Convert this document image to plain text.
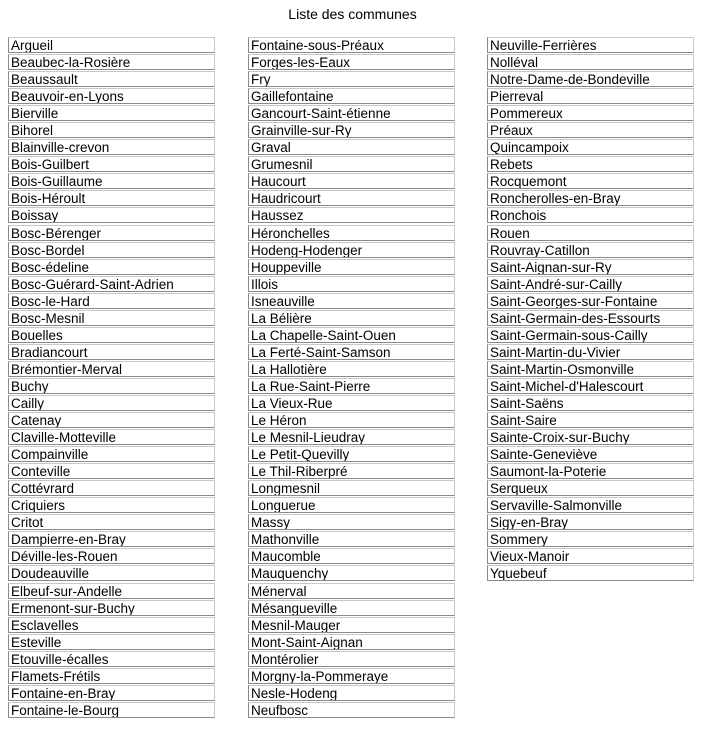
Liste des communes
Argueil
Beaubec-la-Rosière
Beaussault
Beauvoir-en-Lyons
Bierville
Bihorel
Blainville-crevon
Bois-Guilbert
Bois-Guillaume
Bois-Héroult
Boissay
Bosc-Bérenger
Bosc-Bordel
Bosc-édeline
Bosc-Guérard-Saint-Adrien
Bosc-le-Hard
Bosc-Mesnil
Bouelles
Bradiancourt
Brémontier-Merval
Buchy
Cailly
Catenay
Claville-Motteville
Compainville
Conteville
Cottévrard
Criquiers
Critot
Dampierre-en-Bray
Déville-les-Rouen
Doudeauville
Elbeuf-sur-Andelle
Ermenont-sur-Buchy
Esclavelles
Esteville
Etouville-écalles
Flamets-Frétils
Fontaine-en-Bray
Fontaine-le-Bourg
Fontaine-sous-Préaux
Forges-les-Eaux
Fry
Gaillefontaine
Gancourt-Saint-étienne
Grainville-sur-Ry
Graval
Grumesnil
Haucourt
Haudricourt
Haussez
Héronchelles
Hodeng-Hodenger
Houppeville
Illois
Isneauville
La Bélière
La Chapelle-Saint-Ouen
La Ferté-Saint-Samson
La Hallotière
La Rue-Saint-Pierre
La Vieux-Rue
Le Héron
Le Mesnil-Lieudray
Le Petit-Quevilly
Le Thil-Riberpré
Longmesnil
Longuerue
Massy
Mathonville
Maucomble
Mauquenchy
Ménerval
Mésangueville
Mesnil-Mauger
Mont-Saint-Aignan
Montérolier
Morgny-la-Pommeraye
Nesle-Hodeng
Neufbosc
Neuville-Ferrières
Nolléval
Notre-Dame-de-Bondeville
Pierreval
Pommereux
Préaux
Quincampoix
Rebets
Rocquemont
Roncherolles-en-Bray
Ronchois
Rouen
Rouvray-Catillon
Saint-Aignan-sur-Ry
Saint-André-sur-Cailly
Saint-Georges-sur-Fontaine
Saint-Germain-des-Essourts
Saint-Germain-sous-Cailly
Saint-Martin-du-Vivier
Saint-Martin-Osmonville
Saint-Michel-d'Halescourt
Saint-Saëns
Saint-Saire
Sainte-Croix-sur-Buchy
Sainte-Geneviève
Saumont-la-Poterie
Serqueux
Servaville-Salmonville
Sigy-en-Bray
Sommery
Vieux-Manoir
Yquebeuf
